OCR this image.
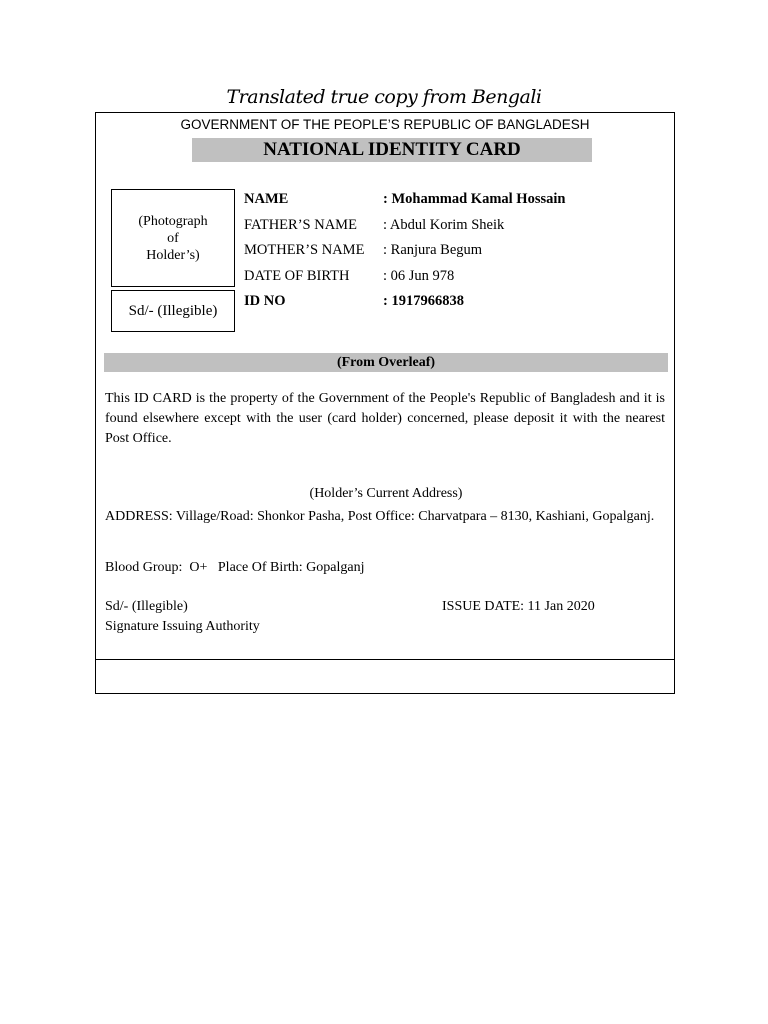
Translated true copy from Bengali
GOVERNMENT OF THE PEOPLE’S REPUBLIC OF BANGLADESH
NATIONAL IDENTITY CARD
(Photograph
of
Holder’s)
Sd/- (Illegible)
NAME	: Mohammad Kamal Hossain
FATHER’S NAME	: Abdul Korim Sheik
MOTHER’S NAME	: Ranjura Begum
DATE OF BIRTH	: 06 Jun 978
ID NO	: 1917966838
(From Overleaf)
This ID CARD is the property of the Government of the People's Republic of Bangladesh and it is found elsewhere except with the user (card holder) concerned, please deposit it with the nearest Post Office.
(Holder’s Current Address)
ADDRESS: Village/Road: Shonkor Pasha, Post Office: Charvatpara – 8130, Kashiani, Gopalganj.
Blood Group:  O+   Place Of Birth: Gopalganj
Sd/- (Illegible)	ISSUE DATE: 11 Jan 2020
Signature Issuing Authority
